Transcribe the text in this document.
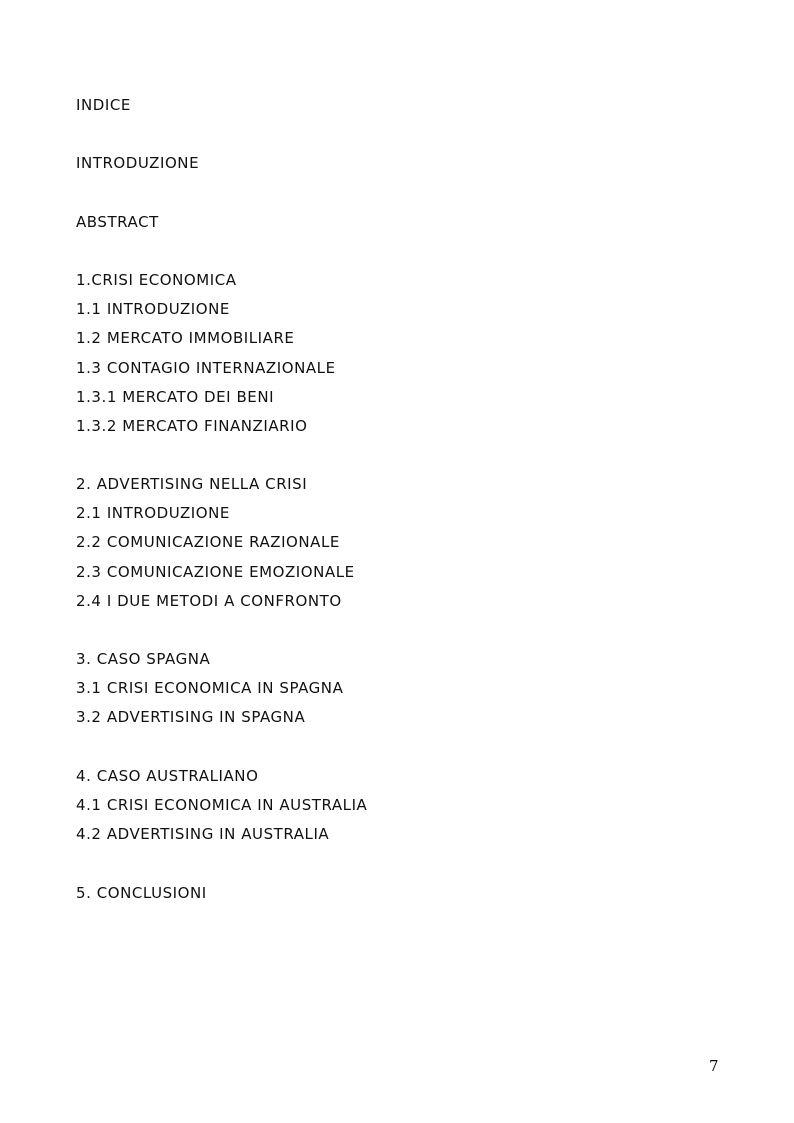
INDICE
INTRODUZIONE
ABSTRACT
1.CRISI ECONOMICA
1.1 INTRODUZIONE
1.2 MERCATO IMMOBILIARE
1.3 CONTAGIO INTERNAZIONALE
1.3.1 MERCATO DEI BENI
1.3.2 MERCATO FINANZIARIO
2. ADVERTISING NELLA CRISI
2.1 INTRODUZIONE
2.2 COMUNICAZIONE RAZIONALE
2.3 COMUNICAZIONE EMOZIONALE
2.4 I DUE METODI A CONFRONTO
3. CASO SPAGNA
3.1 CRISI ECONOMICA IN SPAGNA
3.2 ADVERTISING IN SPAGNA
4. CASO AUSTRALIANO
4.1 CRISI ECONOMICA IN AUSTRALIA
4.2 ADVERTISING IN AUSTRALIA
5. CONCLUSIONI
7
